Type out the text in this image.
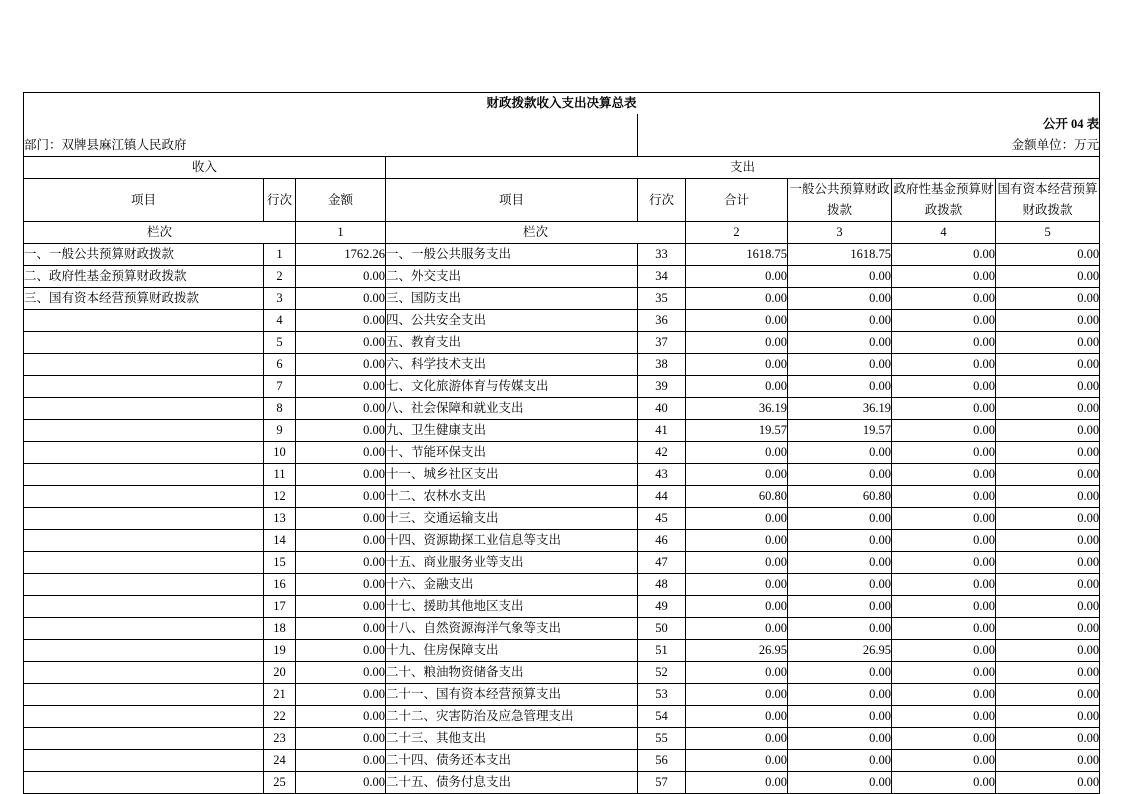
财政拨款收入支出决算总表								
				公开 04 表				
部门：双牌县麻江镇人民政府				金额单位：万元				
收入			支出					
项目	行次	金额	项目	行次	合计	一般公共预算财政拨款	政府性基金预算财政拨款	国有资本经营预算财政拨款
栏次		1	栏次		2	3	4	5
一、一般公共预算财政拨款	1	1762.26	一、一般公共服务支出	33	1618.75	1618.75	0.00	0.00
二、政府性基金预算财政拨款	2	0.00	二、外交支出	34	0.00	0.00	0.00	0.00
三、国有资本经营预算财政拨款	3	0.00	三、国防支出	35	0.00	0.00	0.00	0.00
	4	0.00	四、公共安全支出	36	0.00	0.00	0.00	0.00
	5	0.00	五、教育支出	37	0.00	0.00	0.00	0.00
	6	0.00	六、科学技术支出	38	0.00	0.00	0.00	0.00
	7	0.00	七、文化旅游体育与传媒支出	39	0.00	0.00	0.00	0.00
	8	0.00	八、社会保障和就业支出	40	36.19	36.19	0.00	0.00
	9	0.00	九、卫生健康支出	41	19.57	19.57	0.00	0.00
	10	0.00	十、节能环保支出	42	0.00	0.00	0.00	0.00
	11	0.00	十一、城乡社区支出	43	0.00	0.00	0.00	0.00
	12	0.00	十二、农林水支出	44	60.80	60.80	0.00	0.00
	13	0.00	十三、交通运输支出	45	0.00	0.00	0.00	0.00
	14	0.00	十四、资源勘探工业信息等支出	46	0.00	0.00	0.00	0.00
	15	0.00	十五、商业服务业等支出	47	0.00	0.00	0.00	0.00
	16	0.00	十六、金融支出	48	0.00	0.00	0.00	0.00
	17	0.00	十七、援助其他地区支出	49	0.00	0.00	0.00	0.00
	18	0.00	十八、自然资源海洋气象等支出	50	0.00	0.00	0.00	0.00
	19	0.00	十九、住房保障支出	51	26.95	26.95	0.00	0.00
	20	0.00	二十、粮油物资储备支出	52	0.00	0.00	0.00	0.00
	21	0.00	二十一、国有资本经营预算支出	53	0.00	0.00	0.00	0.00
	22	0.00	二十二、灾害防治及应急管理支出	54	0.00	0.00	0.00	0.00
	23	0.00	二十三、其他支出	55	0.00	0.00	0.00	0.00
	24	0.00	二十四、债务还本支出	56	0.00	0.00	0.00	0.00
	25	0.00	二十五、债务付息支出	57	0.00	0.00	0.00	0.00
